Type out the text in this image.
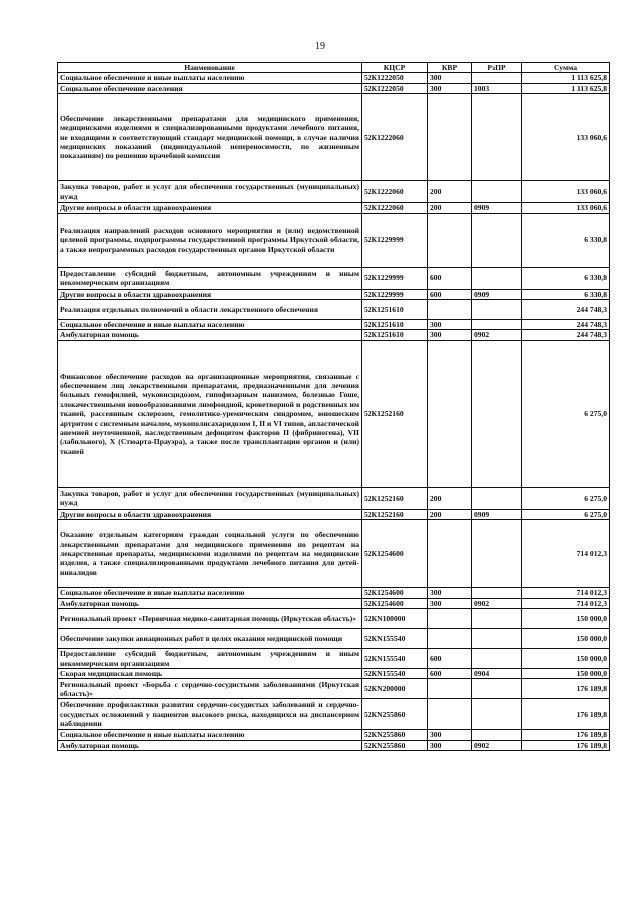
19
Наименование	КЦСР	КВР	РзПР	Сумма
Социальное обеспечение и иные выплаты населению	52К1222050	300		1 113 625,8
Социальное обеспечение населения	52К1222050	300	1003	1 113 625,8
Обеспечение лекарственными препаратами для медицинского применения, медицинскими изделиями и специализированными продуктами лечебного питания, не входящими в соответствующий стандарт медицинской помощи, в случае наличия медицинских показаний (индивидуальной непереносимости, по жизненным показаниям) по решению врачебной комиссии	52К1222060			133 060,6
Закупка товаров, работ и услуг для обеспечения государственных (муниципальных) нужд	52К1222060	200		133 060,6
Другие вопросы в области здравоохранения	52К1222060	200	0909	133 060,6
Реализация направлений расходов основного мероприятия и (или) ведомственной целевой программы, подпрограммы государственной программы Иркутской области, а также непрограммных расходов государственных органов Иркутской области	52К1229999			6 330,8
Предоставление субсидий бюджетным, автономным учреждениям и иным некоммерческим организациям	52К1229999	600		6 330,8
Другие вопросы в области здравоохранения	52К1229999	600	0909	6 330,8
Реализация отдельных полномочий в области лекарственного обеспечения	52К1251610			244 748,3
Социальное обеспечение и иные выплаты населению	52К1251610	300		244 748,3
Амбулаторная помощь	52К1251610	300	0902	244 748,3
Финансовое обеспечение расходов на организационные мероприятия, связанные с обеспечением лиц лекарственными препаратами, предназначенными для лечения больных гемофилией, муковисцидозом, гипофизарным нанизмом, болезнью Гоше, злокачественными новообразованиями лимфоидной, кроветворной и родственных им тканей, рассеянным склерозом, гемолитико-уремическим синдромом, юношеским артритом с системным началом, мукополисахаридозом I, II и VI типов, апластической анемией неуточненной, наследственным дефицитом факторов II (фибриногена), VII (лабильного), X (Стюарта-Прауэра), а также после трансплантации органов и (или) тканей	52К1252160			6 275,0
Закупка товаров, работ и услуг для обеспечения государственных (муниципальных) нужд	52К1252160	200		6 275,0
Другие вопросы в области здравоохранения	52К1252160	200	0909	6 275,0
Оказание отдельным категориям граждан социальной услуги по обеспечению лекарственными препаратами для медицинского применения по рецептам на лекарственные препараты, медицинскими изделиями по рецептам на медицинские изделия, а также специализированными продуктами лечебного питания для детей-инвалидов	52К1254600			714 012,3
Социальное обеспечение и иные выплаты населению	52К1254600	300		714 012,3
Амбулаторная помощь	52К1254600	300	0902	714 012,3
Региональный проект «Первичная медико-санитарная помощь (Иркутская область)»	52КN100000			150 000,0
Обеспечение закупки авиационных работ в целях оказания медицинской помощи	52КN155540			150 000,0
Предоставление субсидий бюджетным, автономным учреждениям и иным некоммерческим организациям	52КN155540	600		150 000,0
Скорая медицинская помощь	52КN155540	600	0904	150 000,0
Региональный проект «Борьба с сердечно-сосудистыми заболеваниями (Иркутская область)»	52КN200000			176 189,8
Обеспечение профилактики развития сердечно-сосудистых заболеваний и сердечно-сосудистых осложнений у пациентов высокого риска, находящихся на диспансерном наблюдении	52КN255860			176 189,8
Социальное обеспечение и иные выплаты населению	52КN255860	300		176 189,8
Амбулаторная помощь	52КN255860	300	0902	176 189,8
